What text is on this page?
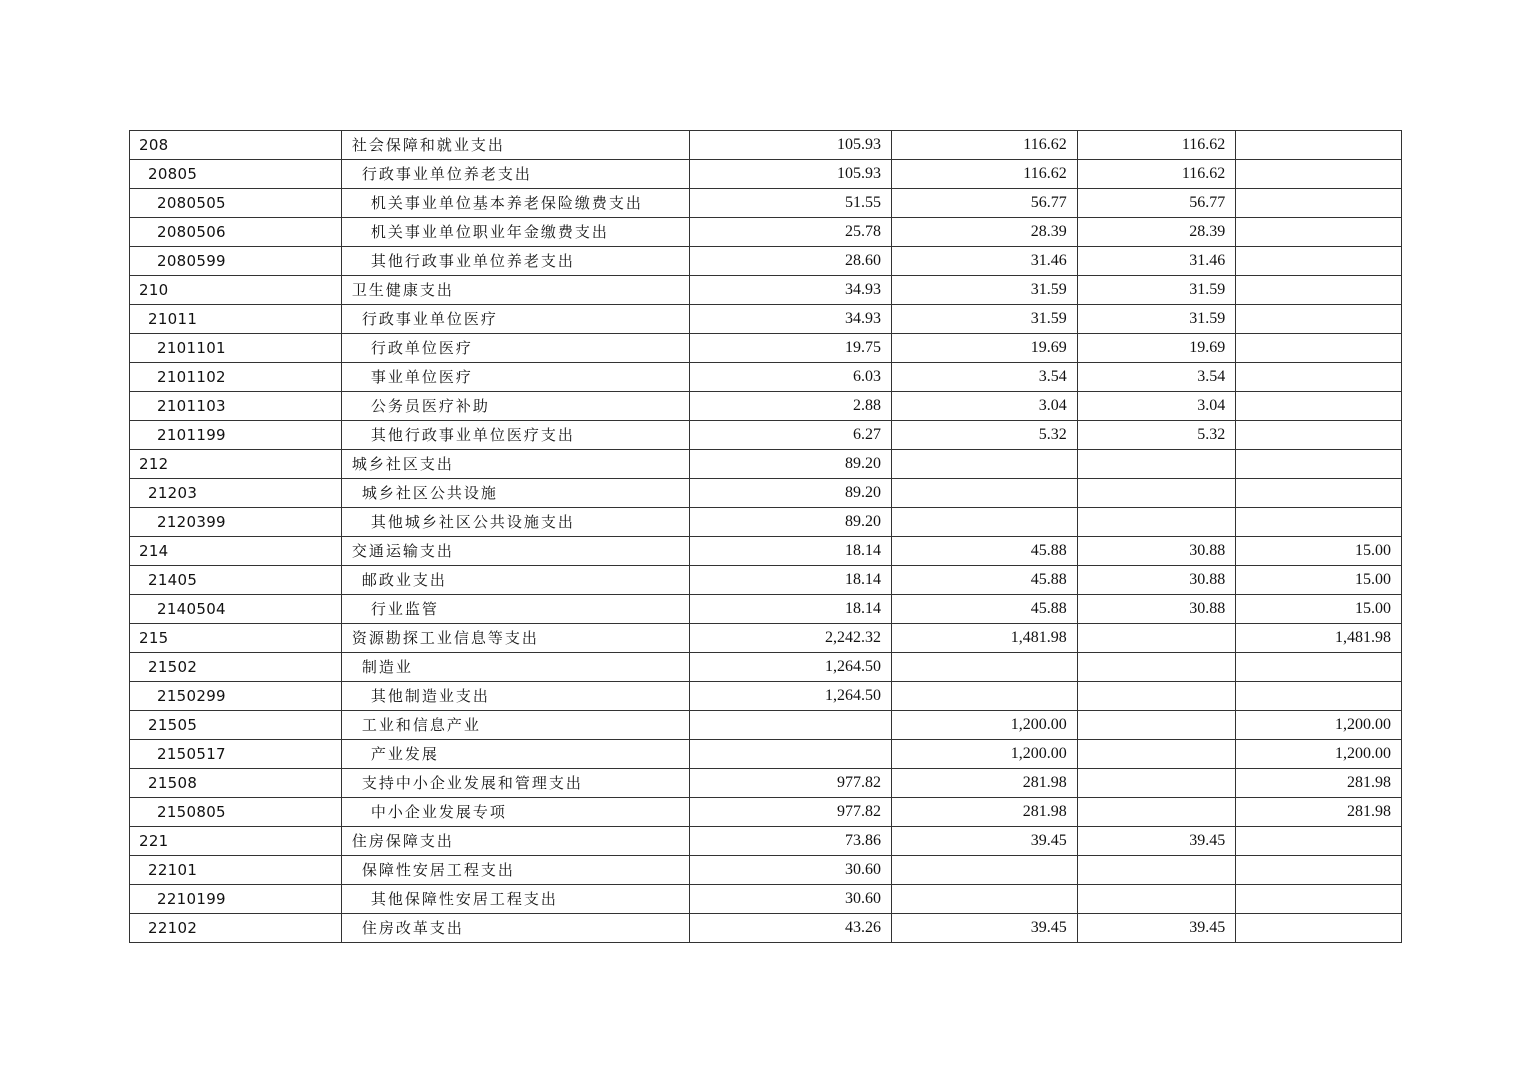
208	社会保障和就业支出	105.93	116.62	116.62	
20805	行政事业单位养老支出	105.93	116.62	116.62	
2080505	机关事业单位基本养老保险缴费支出	51.55	56.77	56.77	
2080506	机关事业单位职业年金缴费支出	25.78	28.39	28.39	
2080599	其他行政事业单位养老支出	28.60	31.46	31.46	
210	卫生健康支出	34.93	31.59	31.59	
21011	行政事业单位医疗	34.93	31.59	31.59	
2101101	行政单位医疗	19.75	19.69	19.69	
2101102	事业单位医疗	6.03	3.54	3.54	
2101103	公务员医疗补助	2.88	3.04	3.04	
2101199	其他行政事业单位医疗支出	6.27	5.32	5.32	
212	城乡社区支出	89.20			
21203	城乡社区公共设施	89.20			
2120399	其他城乡社区公共设施支出	89.20			
214	交通运输支出	18.14	45.88	30.88	15.00
21405	邮政业支出	18.14	45.88	30.88	15.00
2140504	行业监管	18.14	45.88	30.88	15.00
215	资源勘探工业信息等支出	2,242.32	1,481.98		1,481.98
21502	制造业	1,264.50			
2150299	其他制造业支出	1,264.50			
21505	工业和信息产业		1,200.00		1,200.00
2150517	产业发展		1,200.00		1,200.00
21508	支持中小企业发展和管理支出	977.82	281.98		281.98
2150805	中小企业发展专项	977.82	281.98		281.98
221	住房保障支出	73.86	39.45	39.45	
22101	保障性安居工程支出	30.60			
2210199	其他保障性安居工程支出	30.60			
22102	住房改革支出	43.26	39.45	39.45	
